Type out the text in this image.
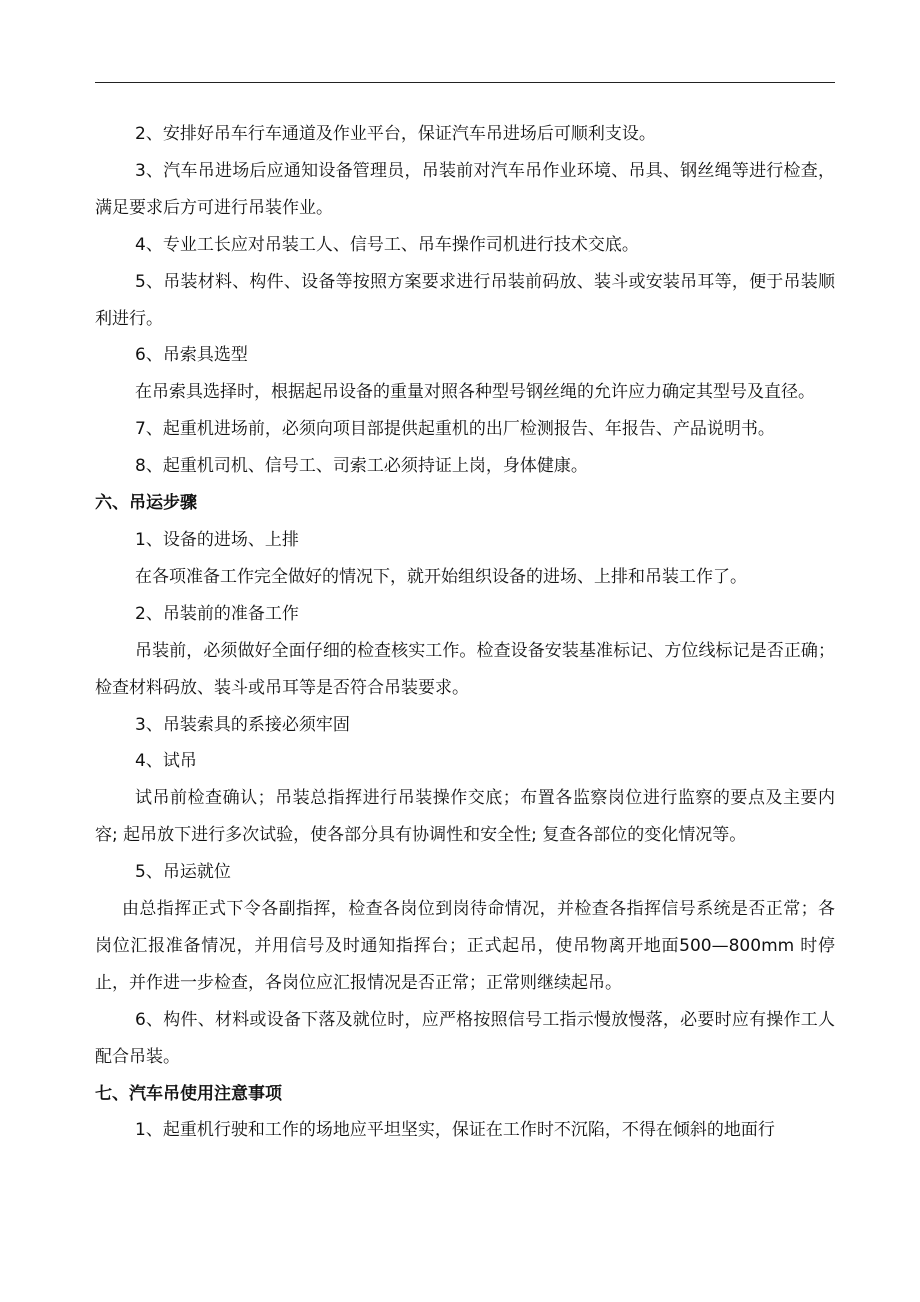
2、安排好吊车行车通道及作业平台，保证汽车吊进场后可顺利支设。

3、汽车吊进场后应通知设备管理员，吊装前对汽车吊作业环境、吊具、钢丝绳等进行检查，满足要求后方可进行吊装作业。

4、专业工长应对吊装工人、信号工、吊车操作司机进行技术交底。

5、吊装材料、构件、设备等按照方案要求进行吊装前码放、装斗或安装吊耳等，便于吊装顺利进行。

6、吊索具选型

在吊索具选择时，根据起吊设备的重量对照各种型号钢丝绳的允许应力确定其型号及直径。

7、起重机进场前，必须向项目部提供起重机的出厂检测报告、年报告、产品说明书。

8、起重机司机、信号工、司索工必须持证上岗，身体健康。

六、吊运步骤

1、设备的进场、上排

在各项准备工作完全做好的情况下，就开始组织设备的进场、上排和吊装工作了。

2、吊装前的准备工作

吊装前，必须做好全面仔细的检查核实工作。检查设备安装基准标记、方位线标记是否正确；检查材料码放、装斗或吊耳等是否符合吊装要求。

3、吊装索具的系接必须牢固

4、试吊

试吊前检查确认；吊装总指挥进行吊装操作交底；布置各监察岗位进行监察的要点及主要内容; 起吊放下进行多次试验，使各部分具有协调性和安全性; 复查各部位的变化情况等。

5、吊运就位

由总指挥正式下令各副指挥，检查各岗位到岗待命情况，并检查各指挥信号系统是否正常；各岗位汇报准备情况，并用信号及时通知指挥台；正式起吊，使吊物离开地面500—800mm 时停止，并作进一步检查，各岗位应汇报情况是否正常；正常则继续起吊。

6、构件、材料或设备下落及就位时，应严格按照信号工指示慢放慢落，必要时应有操作工人配合吊装。

七、汽车吊使用注意事项

1、起重机行驶和工作的场地应平坦坚实，保证在工作时不沉陷，不得在倾斜的地面行
